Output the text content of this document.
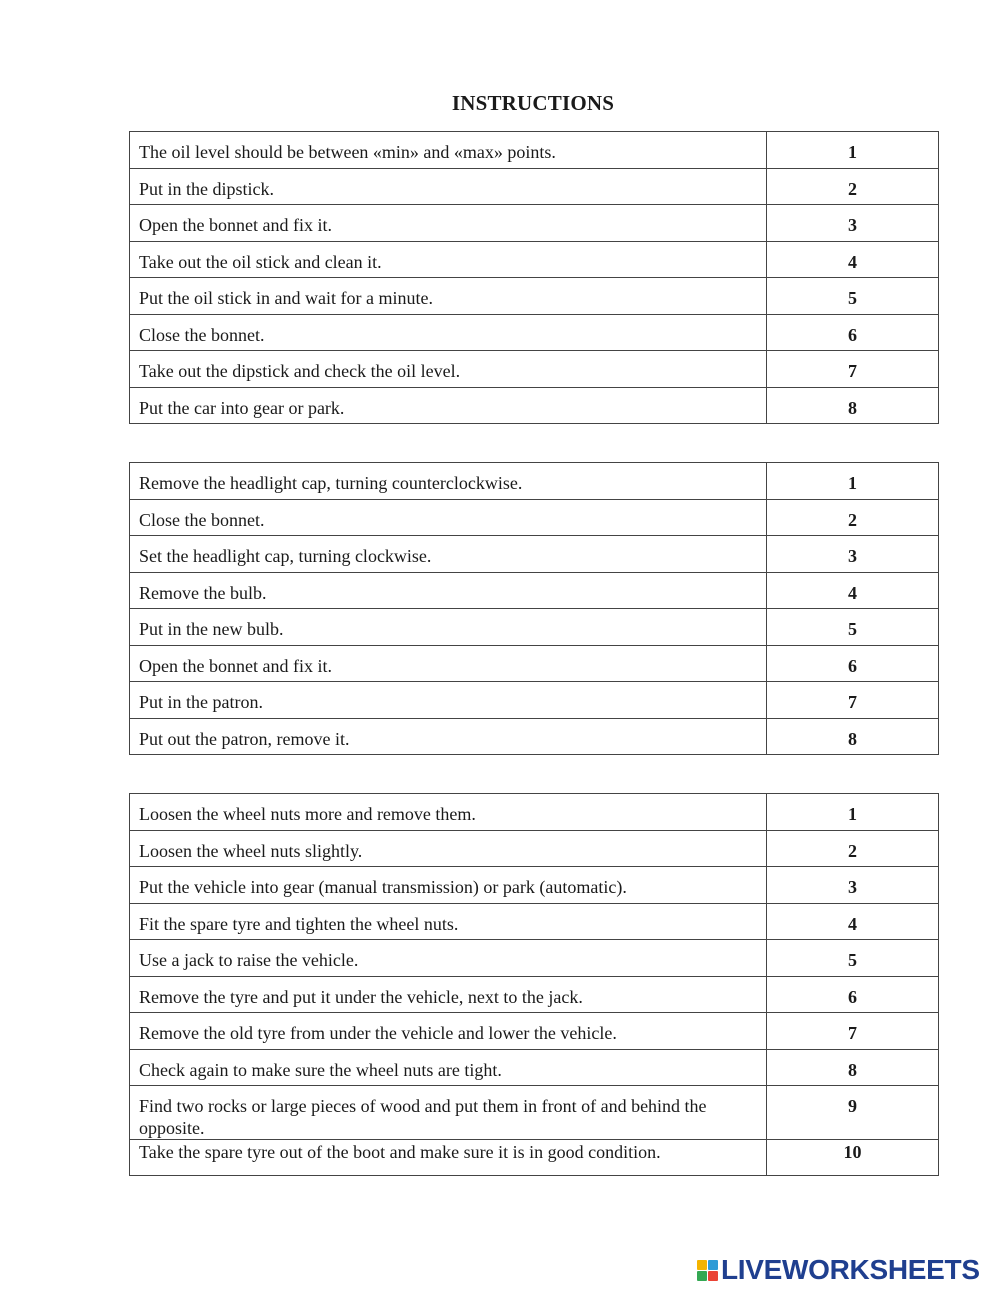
INSTRUCTIONS
The oil level should be between «min» and «max» points.	1
Put in the dipstick.	2
Open the bonnet and fix it.	3
Take out the oil stick and clean it.	4
Put the oil stick in and wait for a minute.	5
Close the bonnet.	6
Take out the dipstick and check the oil level.	7
Put the car into gear or park.	8
Remove the headlight cap, turning counterclockwise.	1
Close the bonnet.	2
Set the headlight cap, turning clockwise.	3
Remove the bulb.	4
Put in the new bulb.	5
Open the bonnet and fix it.	6
Put in the patron.	7
Put out the patron, remove it.	8
Loosen the wheel nuts more and remove them.	1
Loosen the wheel nuts slightly.	2
Put the vehicle into gear (manual transmission) or park (automatic).	3
Fit the spare tyre and tighten the wheel nuts.	4
Use a jack to raise the vehicle.	5
Remove the tyre and put it under the vehicle, next to the jack.	6
Remove the old tyre from under the vehicle and lower the vehicle.	7
Check again to make sure the wheel nuts are tight.	8
Find two rocks or large pieces of wood and put them in front of and behind the opposite.	9
Take the spare tyre out of the boot and make sure it is in good condition.	10
LIVEWORKSHEETS
